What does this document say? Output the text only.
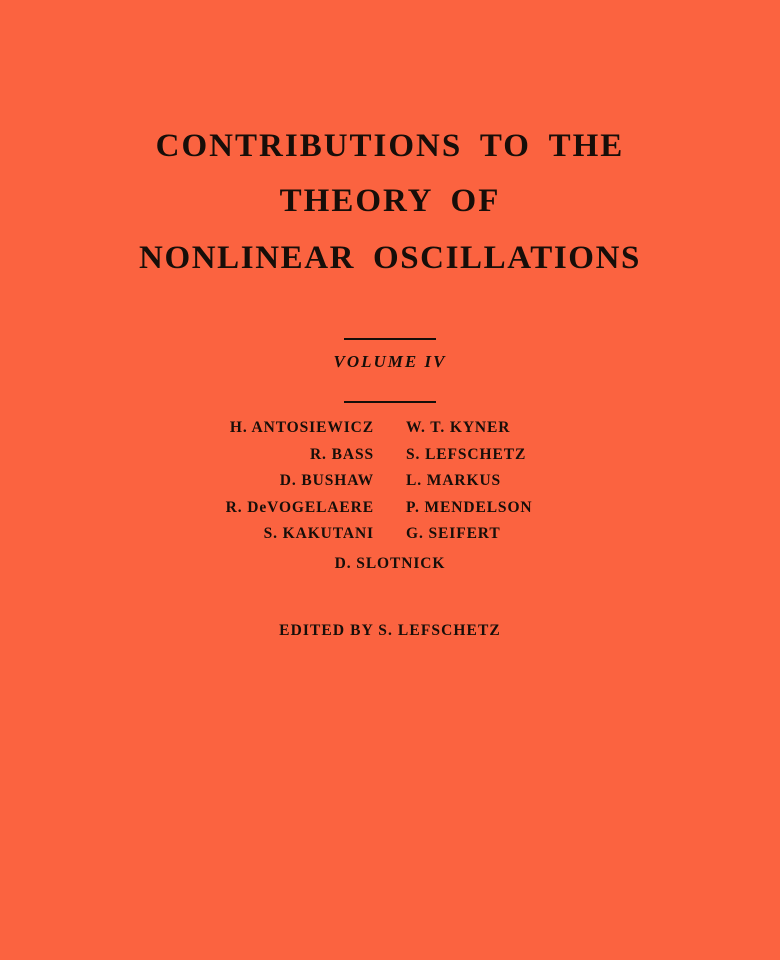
CONTRIBUTIONS TO THE
THEORY OF
NONLINEAR OSCILLATIONS
VOLUME IV
H. ANTOSIEWICZ	W. T. KYNER
R. BASS	S. LEFSCHETZ
D. BUSHAW	L. MARKUS
R. DeVOGELAERE	P. MENDELSON
S. KAKUTANI	G. SEIFERT
D. SLOTNICK
EDITED BY S. LEFSCHETZ
